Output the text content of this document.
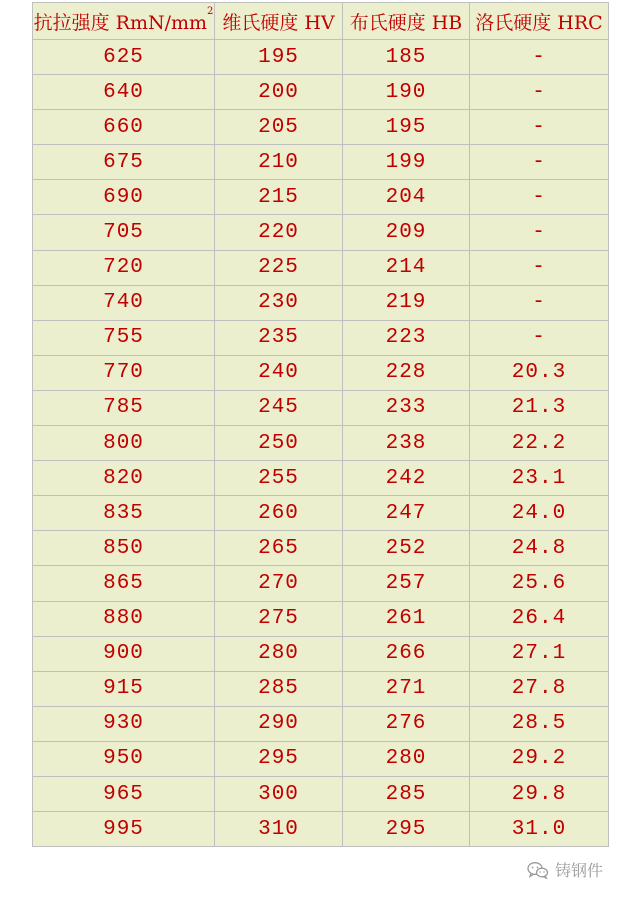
抗拉强度 RmN/$mm^2$	维氏硬度 HV	布氏硬度 HB	洛氏硬度 HRC
625	195	185	-
640	200	190	-
660	205	195	-
675	210	199	-
690	215	204	-
705	220	209	-
720	225	214	-
740	230	219	-
755	235	223	-
770	240	228	20.3
785	245	233	21.3
800	250	238	22.2
820	255	242	23.1
835	260	247	24.0
850	265	252	24.8
865	270	257	25.6
880	275	261	26.4
900	280	266	27.1
915	285	271	27.8
930	290	276	28.5
950	295	280	29.2
965	300	285	29.8
995	310	295	31.0
铸钢件
